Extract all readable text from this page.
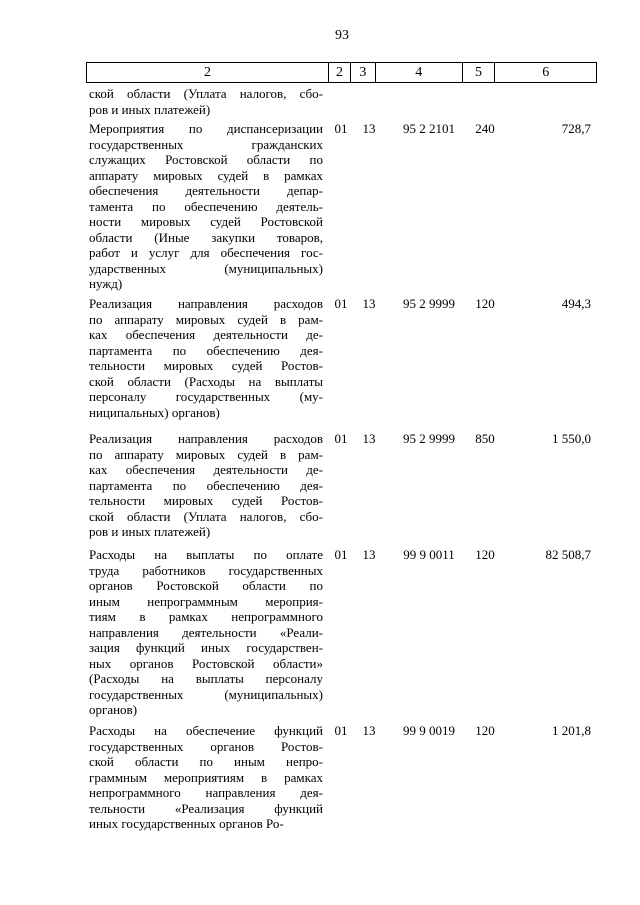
93
2	2	3	4	5	6
ской области (Уплата налогов, сбо-
ров и иных платежей)
Мероприятия по диспансеризации
государственных гражданских
служащих Ростовской области по
аппарату мировых судей в рамках
обеспечения деятельности депар-
тамента по обеспечению деятель-
ности мировых судей Ростовской
области (Иные закупки товаров,
работ и услуг для обеспечения гос-
ударственных (муниципальных)
нужд)
01	13	95 2 2101	240	728,7
Реализация направления расходов
по аппарату мировых судей в рам-
ках обеспечения деятельности де-
партамента по обеспечению дея-
тельности мировых судей Ростов-
ской области (Расходы на выплаты
персоналу государственных (му-
ниципальных) органов)
01	13	95 2 9999	120	494,3
Реализация направления расходов
по аппарату мировых судей в рам-
ках обеспечения деятельности де-
партамента по обеспечению дея-
тельности мировых судей Ростов-
ской области (Уплата налогов, сбо-
ров и иных платежей)
01	13	95 2 9999	850	1 550,0
Расходы на выплаты по оплате
труда работников государственных
органов Ростовской области по
иным непрограммным мероприя-
тиям в рамках непрограммного
направления деятельности «Реали-
зация функций иных государствен-
ных органов Ростовской области»
(Расходы на выплаты персоналу
государственных (муниципальных)
органов)
01	13	99 9 0011	120	82 508,7
Расходы на обеспечение функций
государственных органов Ростов-
ской области по иным непро-
граммным мероприятиям в рамках
непрограммного направления дея-
тельности «Реализация функций
иных государственных органов Ро-
01	13	99 9 0019	120	1 201,8
